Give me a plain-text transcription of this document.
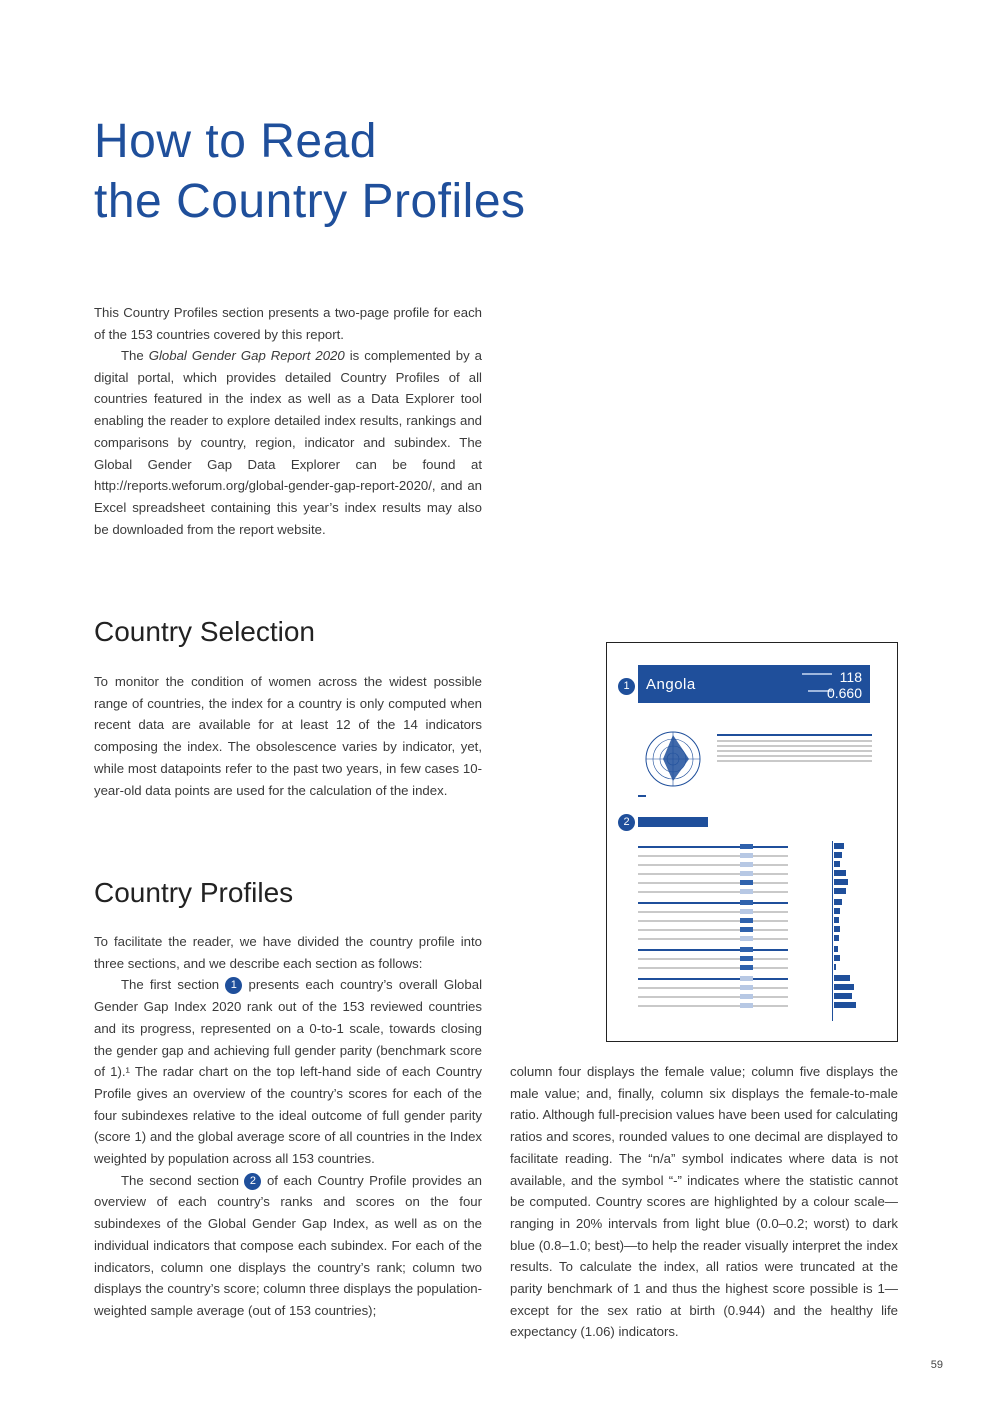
How to Read
the Country Profiles

This Country Profiles section presents a two-page profile for each of the 153 countries covered by this report.

The Global Gender Gap Report 2020 is complemented by a digital portal, which provides detailed Country Profiles of all countries featured in the index as well as a Data Explorer tool enabling the reader to explore detailed index results, rankings and comparisons by country, region, indicator and subindex. The Global Gender Gap Data Explorer can be found at http://reports.weforum.org/global-gender-gap-report-2020/, and an Excel spreadsheet containing this year’s index results may also be downloaded from the report website.

Country Selection

To monitor the condition of women across the widest possible range of countries, the index for a country is only computed when recent data are available for at least 12 of the 14 indicators composing the index. The obsolescence varies by indicator, yet, while most datapoints refer to the past two years, in few cases 10-year-old data points are used for the calculation of the index.

Country Profiles

To facilitate the reader, we have divided the country profile into three sections, and we describe each section as follows:
The first section 1 presents each country’s overall Global Gender Gap Index 2020 rank out of the 153 reviewed countries and its progress, represented on a 0-to-1 scale, towards closing the gender gap and achieving full gender parity (benchmark score of 1).¹ The radar chart on the top left-hand side of each Country Profile gives an overview of the country’s scores for each of the four subindexes relative to the ideal outcome of full gender parity (score 1) and the global average score of all countries in the Index weighted by population across all 153 countries.
The second section 2 of each Country Profile provides an overview of each country’s ranks and scores on the four subindexes of the Global Gender Gap Index, as well as on the individual indicators that compose each subindex. For each of the indicators, column one displays the country’s rank; column two displays the country’s score; column three displays the population-weighted sample average (out of 153 countries);

column four displays the female value; column five displays the male value; and, finally, column six displays the female-to-male ratio. Although full-precision values have been used for calculating ratios and scores, rounded values to one decimal are displayed to facilitate reading. The “n/a” symbol indicates where data is not available, and the symbol “-” indicates where the statistic cannot be computed. Country scores are highlighted by a colour scale—ranging in 20% intervals from light blue (0.0–0.2; worst) to dark blue (0.8–1.0; best)—to help the reader visually interpret the index results. To calculate the index, all ratios were truncated at the parity benchmark of 1 and thus the highest score possible is 1—except for the sex ratio at birth (0.944) and the healthy life expectancy (1.06) indicators.

1	Angola	118
0.660
2
59
